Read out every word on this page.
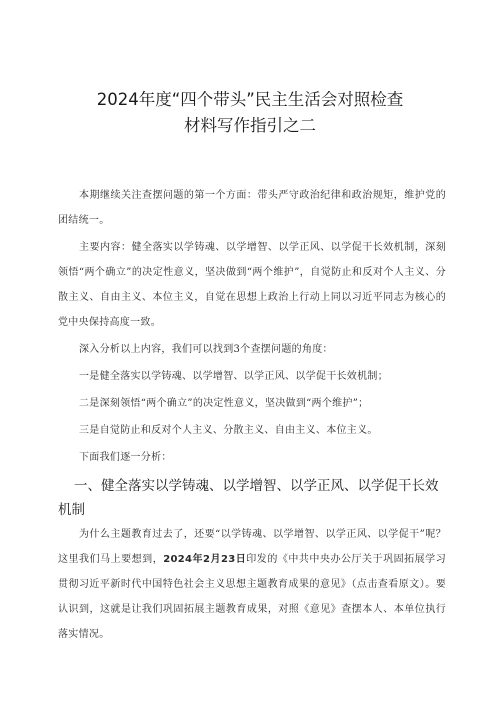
2024年度“四个带头”民主生活会对照检查
材料写作指引之二

本期继续关注查摆问题的第一个方面：带头严守政治纪律和政治规矩，维护党的团结统一。

主要内容：健全落实以学铸魂、以学增智、以学正风、以学促干长效机制，深刻领悟“两个确立”的决定性意义，坚决做到“两个维护”，自觉防止和反对个人主义、分散主义、自由主义、本位主义，自觉在思想上政治上行动上同以习近平同志为核心的党中央保持高度一致。

深入分析以上内容，我们可以找到3个查摆问题的角度：

一是健全落实以学铸魂、以学增智、以学正风、以学促干长效机制；

二是深刻领悟“两个确立”的决定性意义，坚决做到“两个维护”；

三是自觉防止和反对个人主义、分散主义、自由主义、本位主义。

下面我们逐一分析：

一、健全落实以学铸魂、以学增智、以学正风、以学促干长效机制

为什么主题教育过去了，还要“以学铸魂、以学增智、以学正风、以学促干”呢？这里我们马上要想到，2024年2月23日印发的《中共中央办公厅关于巩固拓展学习贯彻习近平新时代中国特色社会主义思想主题教育成果的意见》（点击查看原文）。要认识到，这就是让我们巩固拓展主题教育成果，对照《意见》查摆本人、本单位执行落实情况。
